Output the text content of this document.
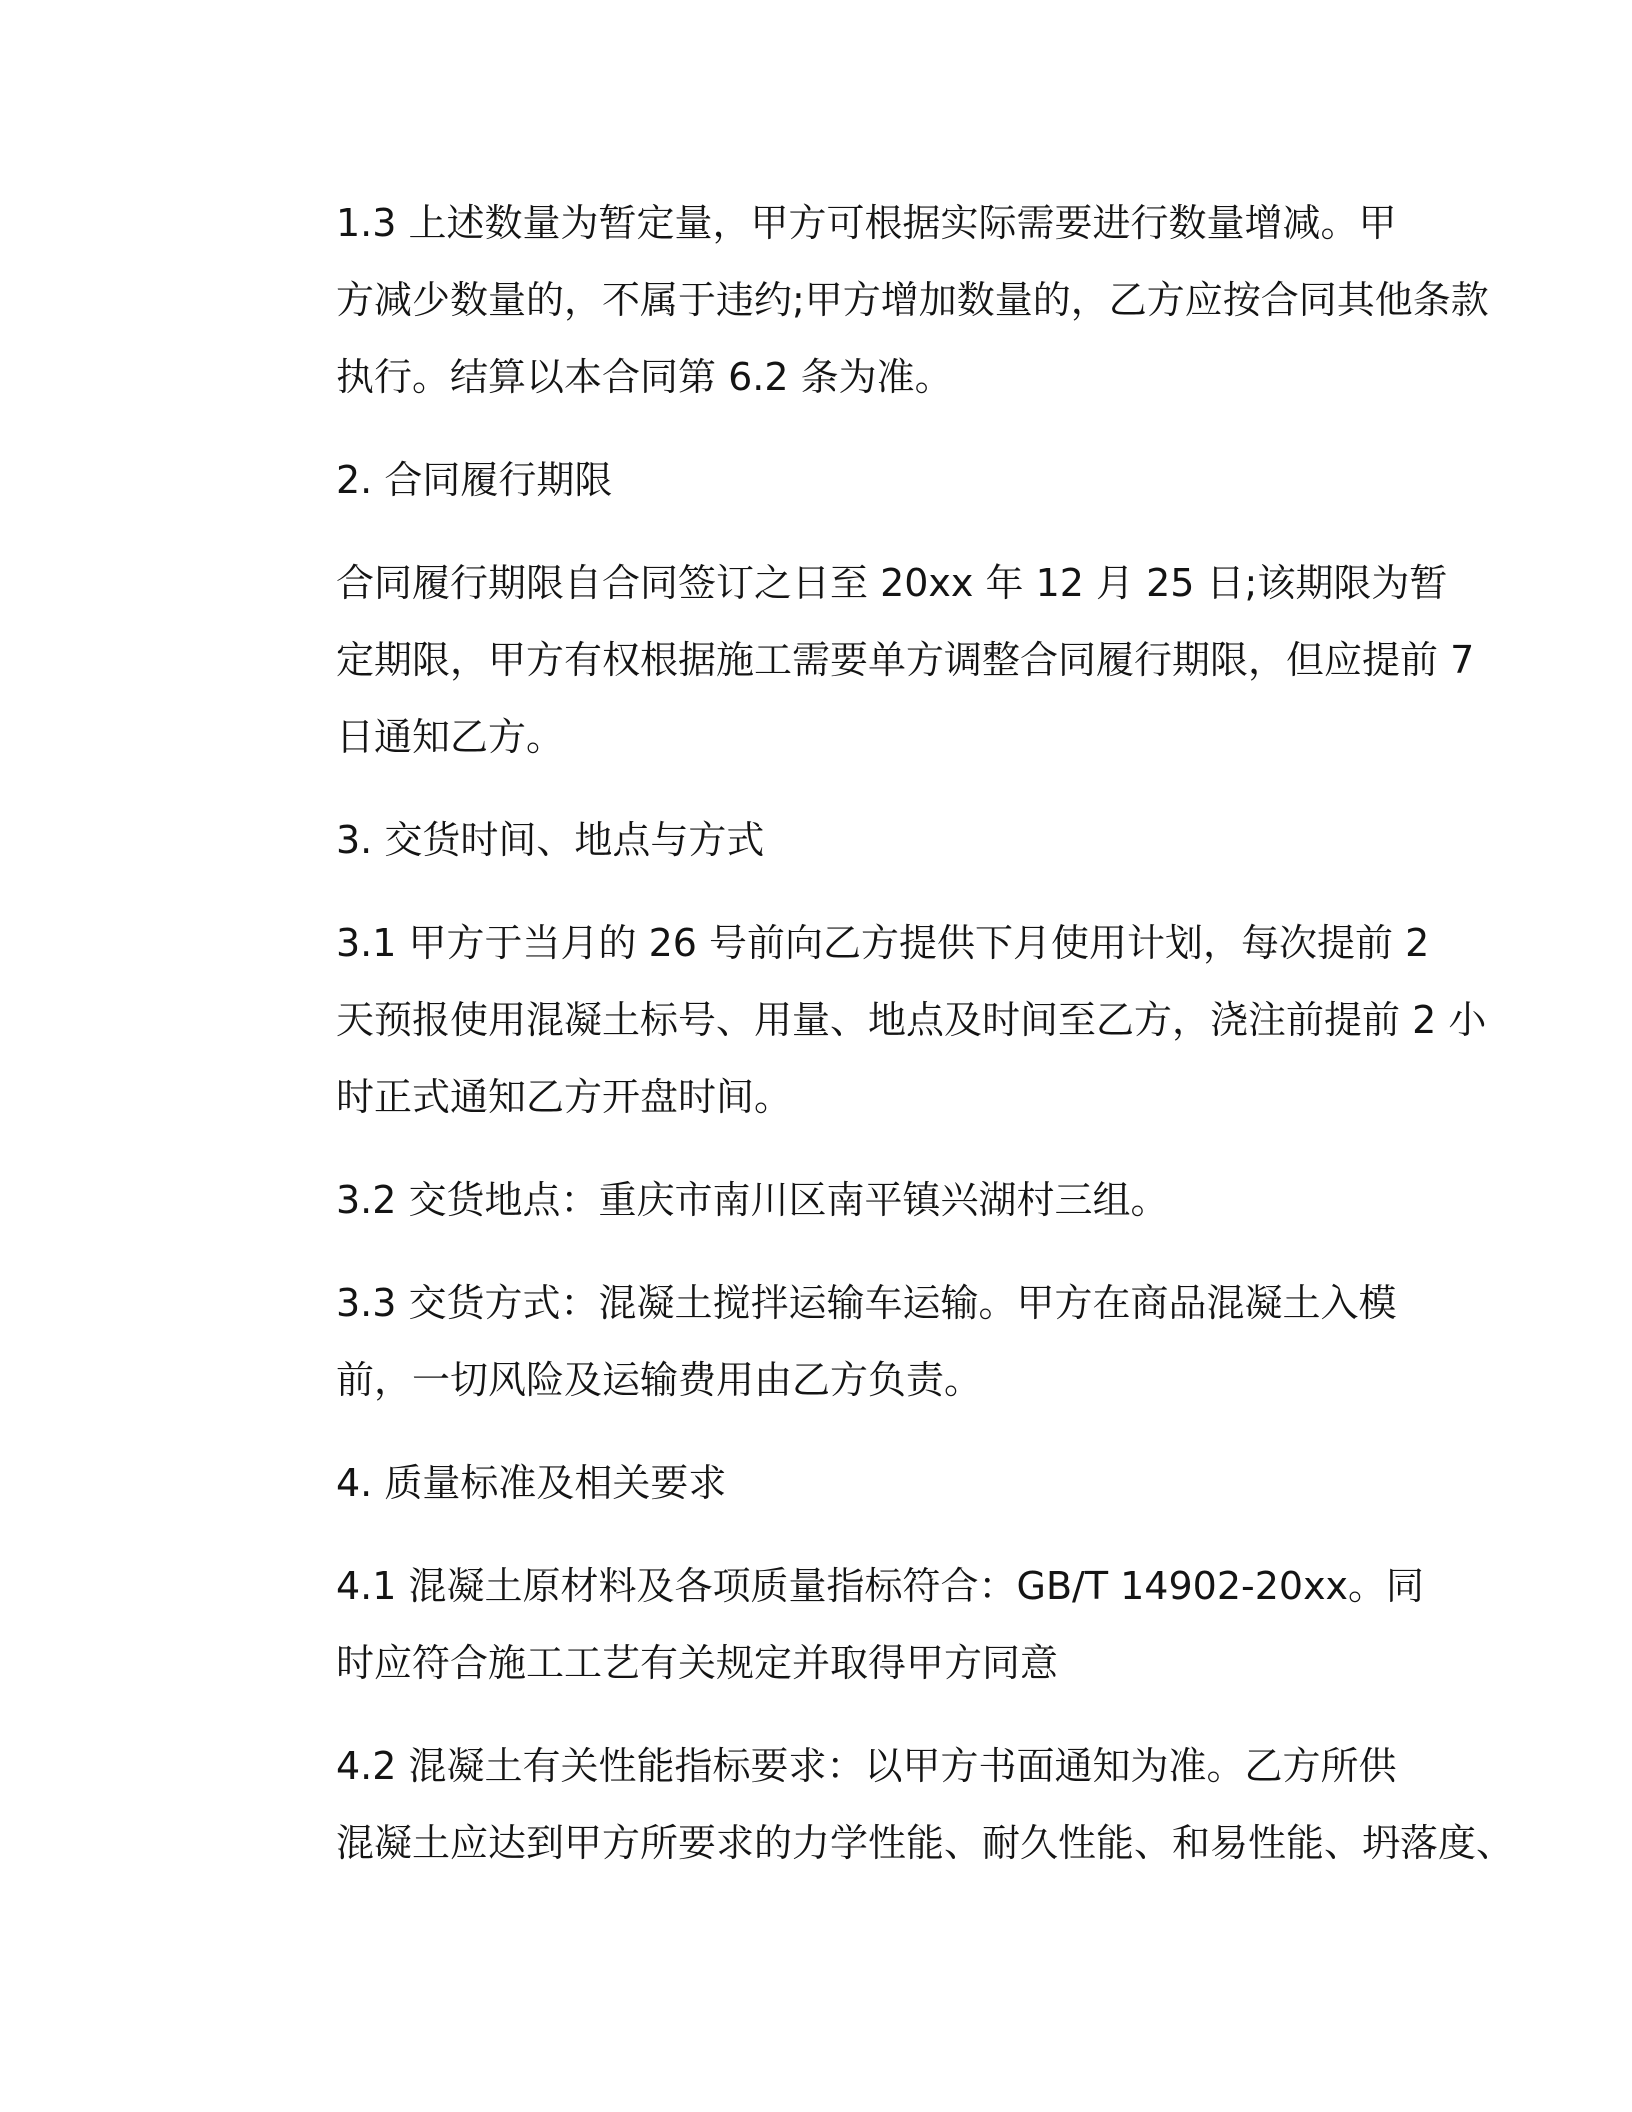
1.3 上述数量为暂定量，甲方可根据实际需要进行数量增减。甲
方减少数量的，不属于违约;甲方增加数量的，乙方应按合同其他条款
执行。结算以本合同第 6.2 条为准。

2. 合同履行期限

合同履行期限自合同签订之日至 20xx 年 12 月 25 日;该期限为暂
定期限，甲方有权根据施工需要单方调整合同履行期限，但应提前 7
日通知乙方。

3. 交货时间、地点与方式

3.1 甲方于当月的 26 号前向乙方提供下月使用计划，每次提前 2
天预报使用混凝土标号、用量、地点及时间至乙方，浇注前提前 2 小
时正式通知乙方开盘时间。

3.2 交货地点：重庆市南川区南平镇兴湖村三组。

3.3 交货方式：混凝土搅拌运输车运输。甲方在商品混凝土入模
前，一切风险及运输费用由乙方负责。

4. 质量标准及相关要求

4.1 混凝土原材料及各项质量指标符合：GB/T 14902-20xx。同
时应符合施工工艺有关规定并取得甲方同意

4.2 混凝土有关性能指标要求：以甲方书面通知为准。乙方所供
混凝土应达到甲方所要求的力学性能、耐久性能、和易性能、坍落度、
